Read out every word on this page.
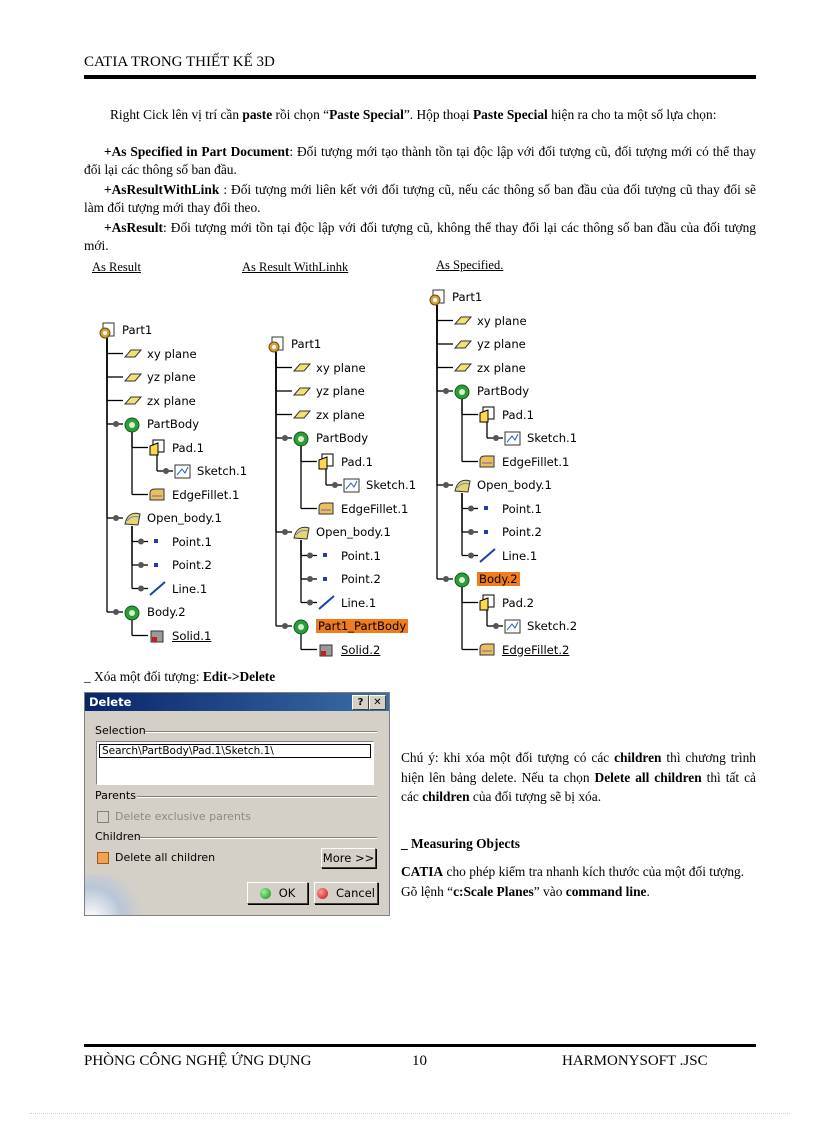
CATIA TRONG THIẾT KẾ 3D
Right Cick lên vị trí cần paste rồi chọn “Paste Special”. Hộp thoại Paste Special hiện ra cho ta một số lựa chọn:
+As Specified in Part Document: Đối tượng mới tạo thành tồn tại độc lập với đối tượng cũ, đối tượng mới có thể thay đổi lại các thông số ban đầu.
+AsResultWithLink : Đối tượng mới liên kết với đối tượng cũ, nếu các thông số ban đầu của đối tượng cũ thay đổi sẽ làm đối tượng mới thay đổi theo.
+AsResult: Đối tượng mới tồn tại độc lập với đối tượng cũ, không thể thay đổi lại các thông số ban đầu của đối tượng mới.
As Result	As Result WithLinhk	As Specified.
Part1
xy plane
yz plane
zx plane
PartBody
Pad.1
Sketch.1
EdgeFillet.1
Open_body.1
Point.1
Point.2
Line.1
Body.2
Solid.1
Part1
xy plane
yz plane
zx plane
PartBody
Pad.1
Sketch.1
EdgeFillet.1
Open_body.1
Point.1
Point.2
Line.1
Part1_PartBody
Solid.2
Part1
xy plane
yz plane
zx plane
PartBody
Pad.1
Sketch.1
EdgeFillet.1
Open_body.1
Point.1
Point.2
Line.1
Body.2
Pad.2
Sketch.2
EdgeFillet.2
_ Xóa một đối tượng: Edit->Delete
Delete	? ✕
Selection
Search\PartBody\Pad.1\Sketch.1\
Parents
Delete exclusive parents
Children
Delete all children	More >>
OK	Cancel
Chú ý: khi xóa một đối tượng có các children thì chương trình hiện lên bảng delete. Nếu ta chọn Delete all children thì tất cả các children của đối tượng sẽ bị xóa.
_ Measuring Objects
CATIA cho phép kiểm tra nhanh kích thước của một đối tượng.
Gõ lệnh “c:Scale Planes” vào command line.
PHÒNG CÔNG NGHỆ ỨNG DỤNG	10	HARMONYSOFT .JSC
